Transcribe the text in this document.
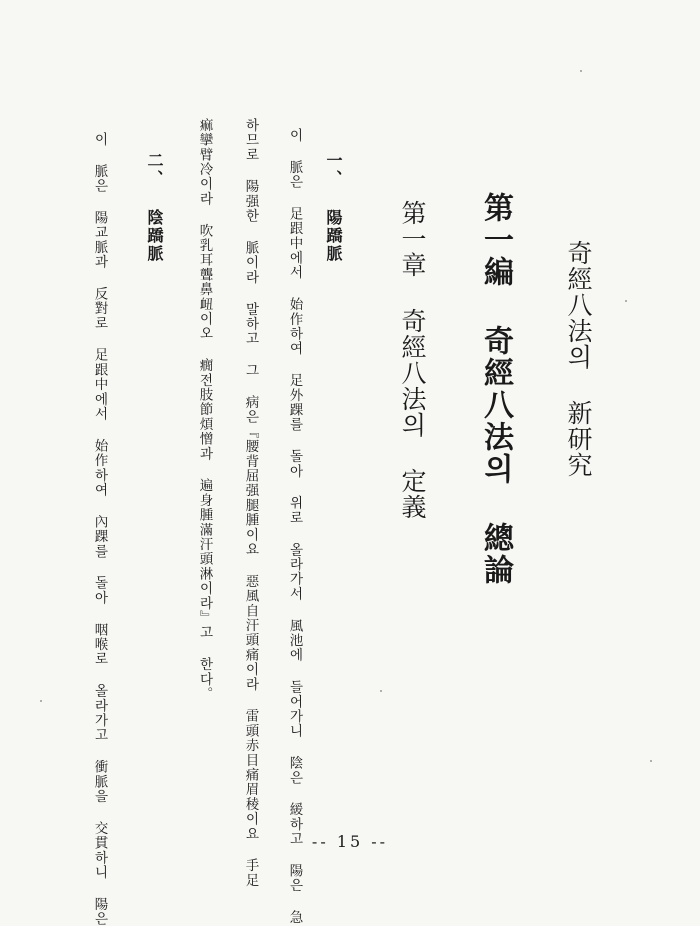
奇經八法의 新研究
第一編 奇經八法의 總論
第一章 奇經八法의 定義
一、 陽蹻脈
이 脈은 足跟中에서 始作하여 足外踝를 돌아 위로 올라가서 風池에 들어가니 陰은 緩하고 陽은 急
하므로 陽强한 脈이라 말하고 그 病은『腰背屈强腿腫이요 惡風自汗頭痛이라 雷頭赤目痛眉稜이요 手足
痲攣臂冷이라 吹乳耳聾鼻衄이오 癇전肢節煩憎과 遍身腫滿汗頭淋이라』고 한다。
二、 陰蹻脈
이 脈은 陽교脈과 反對로 足跟中에서 始作하여 內踝를 돌아 咽喉로 올라가고 衝脈을 交貫하니 陽은	-- 15 --
